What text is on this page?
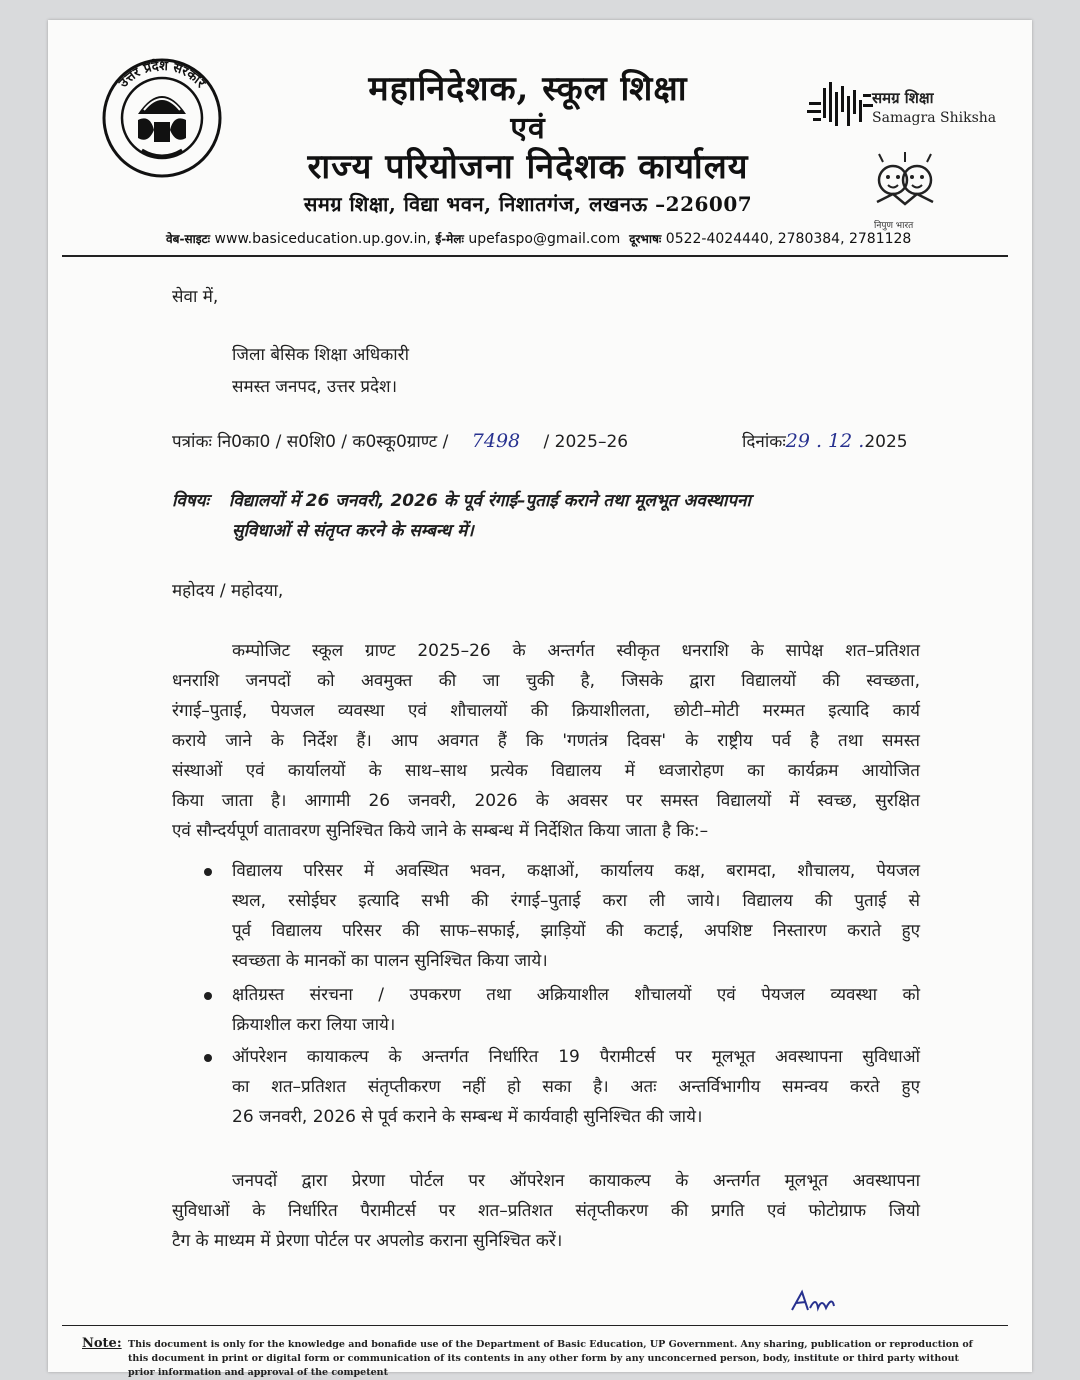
उत्तर प्रदेश सरकार	महानिदेशक, स्कूल शिक्षा
एवं
राज्य परियोजना निदेशक कार्यालय
समग्र शिक्षा, विद्या भवन, निशातगंज, लखनऊ –226007
वेब-साइटः www.basiceducation.up.gov.in, ई-मेलः upefaspo@gmail.com दूरभाषः 0522-4024440, 2780384, 2781128
समग्र शिक्षा
Samagra Shiksha
निपुण भारत
सेवा में,
जिला बेसिक शिक्षा अधिकारी
समस्त जनपद, उत्तर प्रदेश।
पत्रांकः नि0का0 / स0शि0 / क0स्कू0ग्राण्ट / 7498 / 2025–26	दिनांकः29 . 12 .2025
विषयः विद्यालयों में 26 जनवरी, 2026 के पूर्व रंगाई–पुताई कराने तथा मूलभूत अवस्थापना
सुविधाओं से संतृप्त करने के सम्बन्ध में।
महोदय / महोदया,
कम्पोजिट स्कूल ग्राण्ट 2025–26 के अन्तर्गत स्वीकृत धनराशि के सापेक्ष शत–प्रतिशत
धनराशि जनपदों को अवमुक्त की जा चुकी है, जिसके द्वारा विद्यालयों की स्वच्छता,
रंगाई–पुताई, पेयजल व्यवस्था एवं शौचालयों की क्रियाशीलता, छोटी–मोटी मरम्मत इत्यादि कार्य
कराये जाने के निर्देश हैं। आप अवगत हैं कि 'गणतंत्र दिवस' के राष्ट्रीय पर्व है तथा समस्त
संस्थाओं एवं कार्यालयों के साथ–साथ प्रत्येक विद्यालय में ध्वजारोहण का कार्यक्रम आयोजित
किया जाता है। आगामी 26 जनवरी, 2026 के अवसर पर समस्त विद्यालयों में स्वच्छ, सुरक्षित
एवं सौन्दर्यपूर्ण वातावरण सुनिश्चित किये जाने के सम्बन्ध में निर्देशित किया जाता है कि:–
विद्यालय परिसर में अवस्थित भवन, कक्षाओं, कार्यालय कक्ष, बरामदा, शौचालय, पेयजल
स्थल, रसोईघर इत्यादि सभी की रंगाई–पुताई करा ली जाये। विद्यालय की पुताई से
पूर्व विद्यालय परिसर की साफ–सफाई, झाड़ियों की कटाई, अपशिष्ट निस्तारण कराते हुए
स्वच्छता के मानकों का पालन सुनिश्चित किया जाये।
क्षतिग्रस्त संरचना / उपकरण तथा अक्रियाशील शौचालयों एवं पेयजल व्यवस्था को
क्रियाशील करा लिया जाये।
ऑपरेशन कायाकल्प के अन्तर्गत निर्धारित 19 पैरामीटर्स पर मूलभूत अवस्थापना सुविधाओं
का शत–प्रतिशत संतृप्तीकरण नहीं हो सका है। अतः अन्तर्विभागीय समन्वय करते हुए
26 जनवरी, 2026 से पूर्व कराने के सम्बन्ध में कार्यवाही सुनिश्चित की जाये।
जनपदों द्वारा प्रेरणा पोर्टल पर ऑपरेशन कायाकल्प के अन्तर्गत मूलभूत अवस्थापना
सुविधाओं के निर्धारित पैरामीटर्स पर शत–प्रतिशत संतृप्तीकरण की प्रगति एवं फोटोग्राफ जियो
टैग के माध्यम में प्रेरणा पोर्टल पर अपलोड कराना सुनिश्चित करें।
Note: This document is only for the knowledge and bonafide use of the Department of Basic Education, UP Government. Any sharing, publication or reproduction of this document in print or digital form or communication of its contents in any other form by any unconcerned person, body, institute or third party without prior information and approval of the competent
